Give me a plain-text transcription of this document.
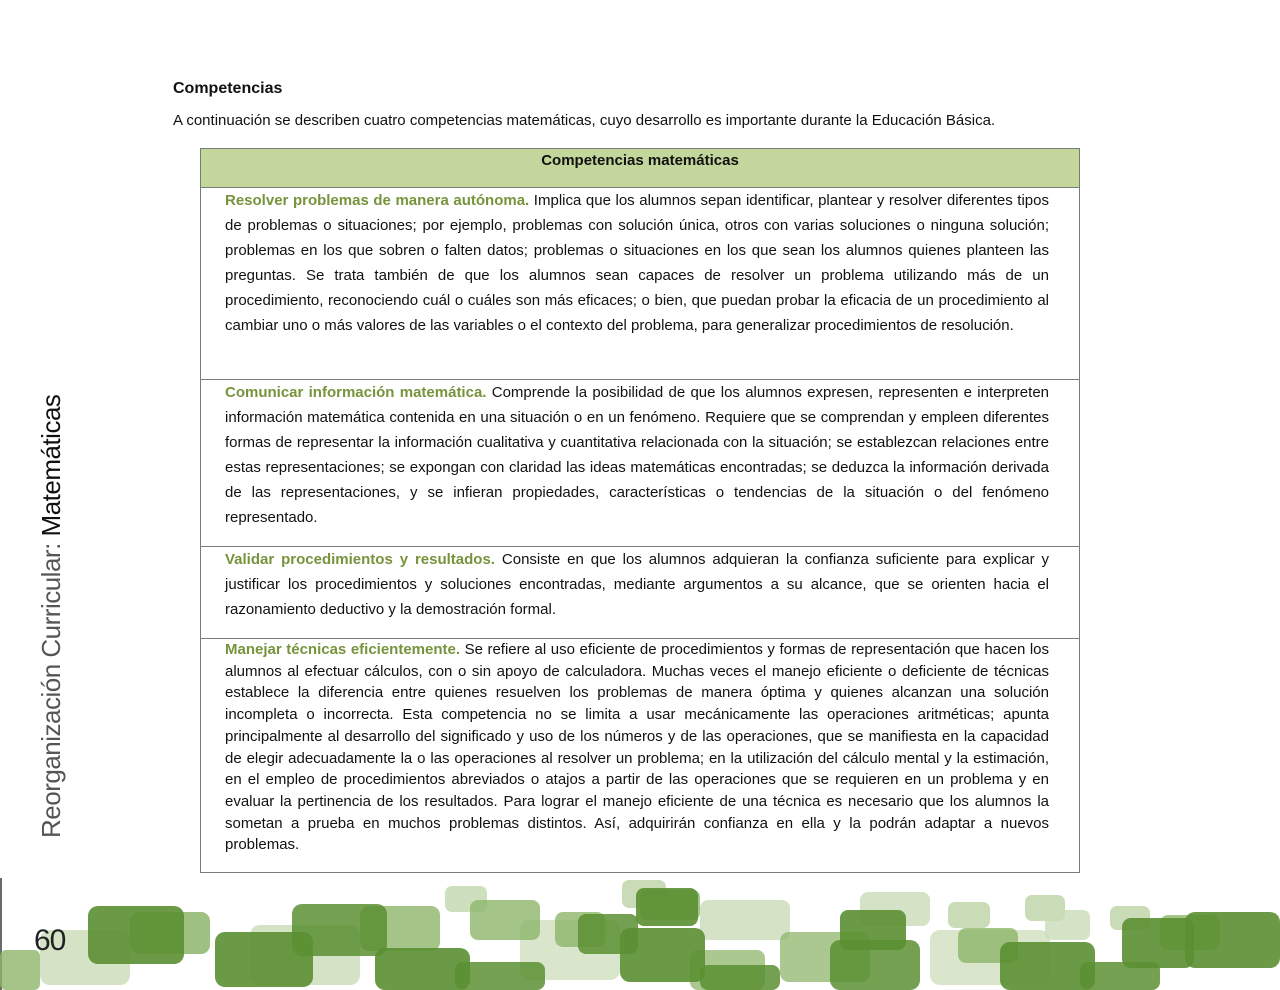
Competencias

A continuación se describen cuatro competencias matemáticas, cuyo desarrollo es importante durante la Educación Básica.

Competencias matemáticas
Resolver problemas de manera autónoma. Implica que los alumnos sepan identificar, plantear y resolver diferentes tipos de problemas o situaciones; por ejemplo, problemas con solución única, otros con varias soluciones o ninguna solución; problemas en los que sobren o falten datos; problemas o situaciones en los que sean los alumnos quienes planteen las preguntas. Se trata también de que los alumnos sean capaces de resolver un problema utilizando más de un procedimiento, reconociendo cuál o cuáles son más eficaces; o bien, que puedan probar la eficacia de un procedimiento al cambiar uno o más valores de las variables o el contexto del problema, para generalizar procedimientos de resolución.
Comunicar información matemática. Comprende la posibilidad de que los alumnos expresen, representen e interpreten información matemática contenida en una situación o en un fenómeno. Requiere que se comprendan y empleen diferentes formas de representar la información cualitativa y cuantitativa relacionada con la situación; se establezcan relaciones entre estas representaciones; se expongan con claridad las ideas matemáticas encontradas; se deduzca la información derivada de las representaciones, y se infieran propiedades, características o tendencias de la situación o del fenómeno representado.
Validar procedimientos y resultados. Consiste en que los alumnos adquieran la confianza suficiente para explicar y justificar los procedimientos y soluciones encontradas, mediante argumentos a su alcance, que se orienten hacia el razonamiento deductivo y la demostración formal.
Manejar técnicas eficientemente. Se refiere al uso eficiente de procedimientos y formas de representación que hacen los alumnos al efectuar cálculos, con o sin apoyo de calculadora. Muchas veces el manejo eficiente o deficiente de técnicas establece la diferencia entre quienes resuelven los problemas de manera óptima y quienes alcanzan una solución incompleta o incorrecta. Esta competencia no se limita a usar mecánicamente las operaciones aritméticas; apunta principalmente al desarrollo del significado y uso de los números y de las operaciones, que se manifiesta en la capacidad de elegir adecuadamente la o las operaciones al resolver un problema; en la utilización del cálculo mental y la estimación, en el empleo de procedimientos abreviados o atajos a partir de las operaciones que se requieren en un problema y en evaluar la pertinencia de los resultados. Para lograr el manejo eficiente de una técnica es necesario que los alumnos la sometan a prueba en muchos problemas distintos. Así, adquirirán confianza en ella y la podrán adaptar a nuevos problemas.
Reorganización Curricular: Matemáticas
60
